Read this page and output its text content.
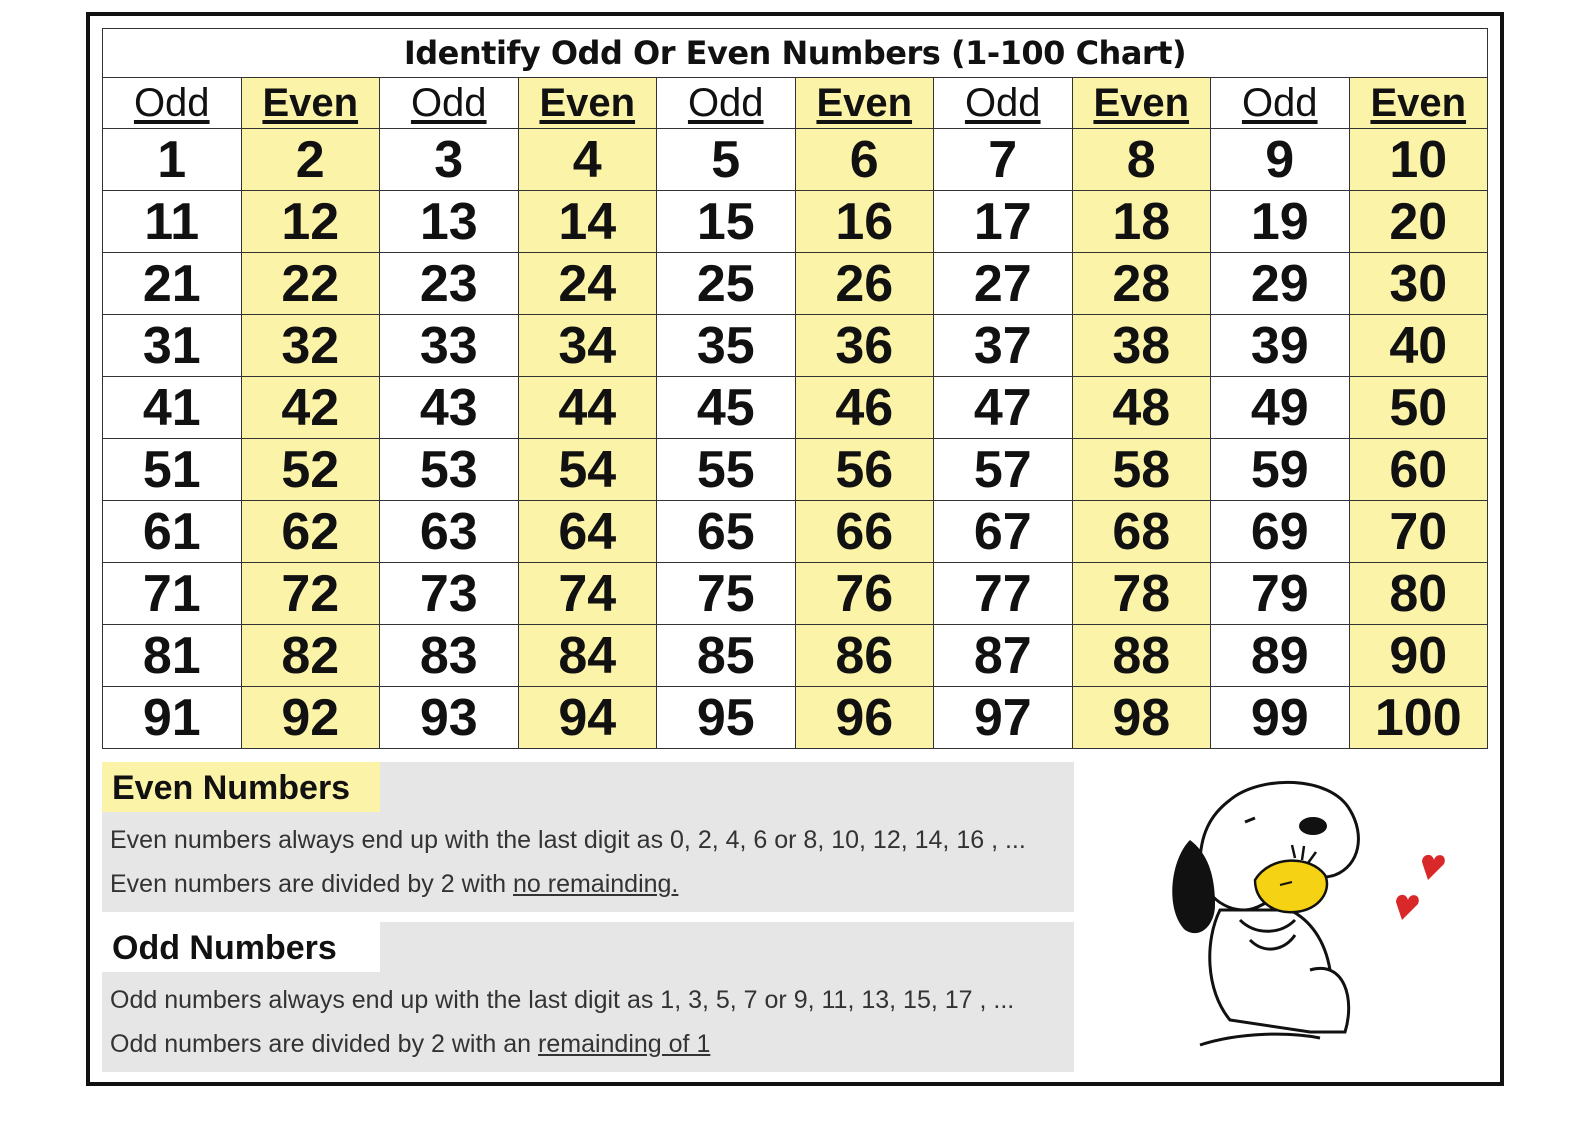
Identify Odd Or Even Numbers (1-100 Chart)									
Odd	Even	Odd	Even	Odd	Even	Odd	Even	Odd	Even
1	2	3	4	5	6	7	8	9	10
11	12	13	14	15	16	17	18	19	20
21	22	23	24	25	26	27	28	29	30
31	32	33	34	35	36	37	38	39	40
41	42	43	44	45	46	47	48	49	50
51	52	53	54	55	56	57	58	59	60
61	62	63	64	65	66	67	68	69	70
71	72	73	74	75	76	77	78	79	80
81	82	83	84	85	86	87	88	89	90
91	92	93	94	95	96	97	98	99	100
Even Numbers
Even numbers always end up with the last digit as 0, 2, 4, 6 or 8, 10, 12, 14, 16 , ...
Even numbers are divided by 2 with no remainding.
Odd Numbers
Odd numbers always end up with the last digit as 1, 3, 5, 7 or 9, 11, 13, 15, 17 , ...
Odd numbers are divided by 2 with an remainding of 1
